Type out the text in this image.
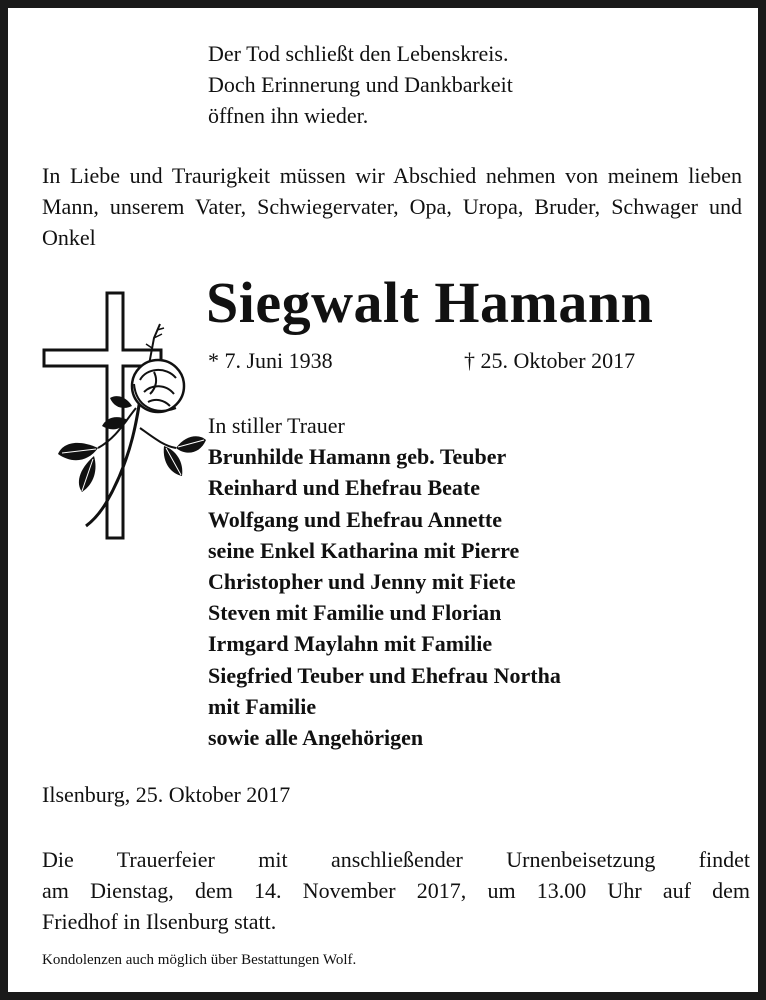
Der Tod schließt den Lebenskreis.
Doch Erinnerung und Dankbarkeit
öffnen ihn wieder.
In Liebe und Traurigkeit müssen wir Abschied nehmen von meinem lieben Mann, unserem Vater, Schwiegervater, Opa, Uropa, Bruder, Schwager und Onkel
Siegwalt Hamann
* 7. Juni 1938	† 25. Oktober 2017
In stiller Trauer
Brunhilde Hamann geb. Teuber
Reinhard und Ehefrau Beate
Wolfgang und Ehefrau Annette
seine Enkel Katharina mit Pierre
Christopher und Jenny mit Fiete
Steven mit Familie und Florian
Irmgard Maylahn mit Familie
Siegfried Teuber und Ehefrau Northa
mit Familie
sowie alle Angehörigen
Ilsenburg, 25. Oktober 2017
Die Trauerfeier mit anschließender Urnenbeisetzung findet
am Dienstag, dem 14. November 2017, um 13.00 Uhr auf dem
Friedhof in Ilsenburg statt.
Kondolenzen auch möglich über Bestattungen Wolf.
